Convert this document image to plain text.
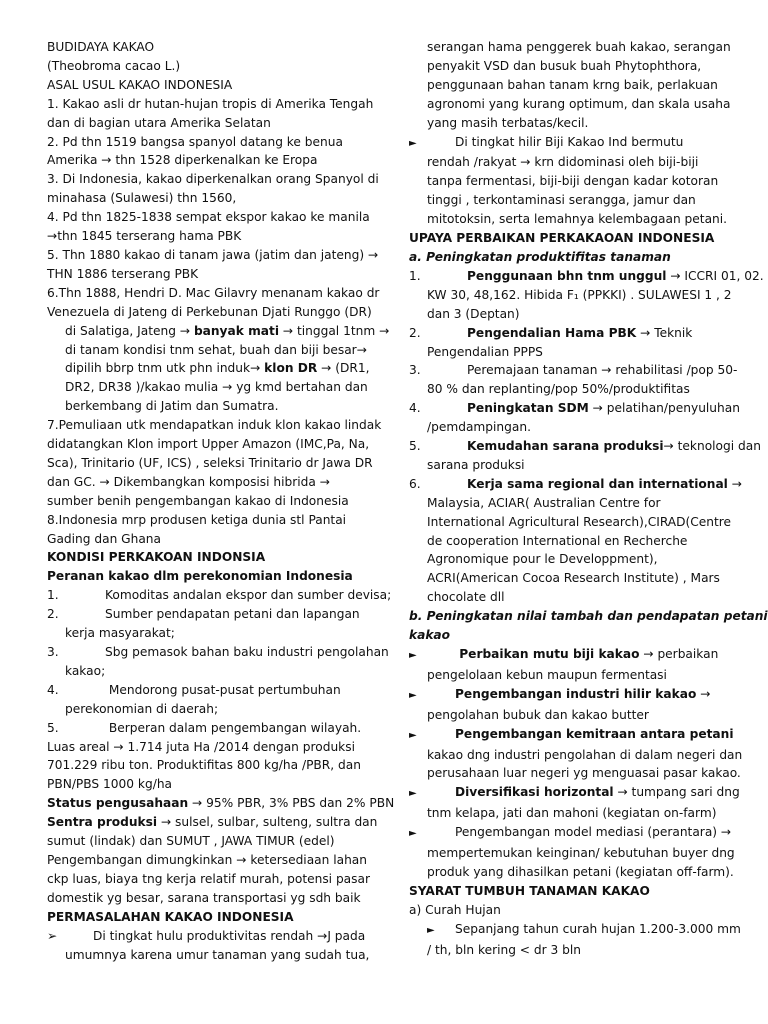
BUDIDAYA KAKAO
(Theobroma cacao L.)
ASAL USUL KAKAO INDONESIA
1. Kakao asli dr hutan-hujan tropis di Amerika Tengah
dan di bagian utara Amerika Selatan
2. Pd thn 1519 bangsa spanyol datang ke benua
Amerika → thn 1528 diperkenalkan ke Eropa
3. Di Indonesia, kakao diperkenalkan orang Spanyol di
minahasa (Sulawesi) thn 1560,
4. Pd thn 1825-1838 sempat ekspor kakao ke manila
→thn 1845 terserang hama PBK
5. Thn 1880 kakao di tanam jawa (jatim dan jateng) →
THN 1886 terserang PBK
6.Thn 1888, Hendri D. Mac Gilavry menanam kakao dr
Venezuela di Jateng di Perkebunan Djati Runggo (DR)
di Salatiga, Jateng → banyak mati → tinggal 1tnm →
di tanam kondisi tnm sehat, buah dan biji besar→
dipilih bbrp tnm utk phn induk→ klon DR → (DR1,
DR2, DR38 )/kakao mulia → yg kmd bertahan dan
berkembang di Jatim dan Sumatra.
7.Pemuliaan utk mendapatkan induk klon kakao lindak
didatangkan Klon import Upper Amazon (IMC,Pa, Na,
Sca), Trinitario (UF, ICS) , seleksi Trinitario dr Jawa DR
dan GC. → Dikembangkan komposisi hibrida →
sumber benih pengembangan kakao di Indonesia
8.Indonesia mrp produsen ketiga dunia stl Pantai
Gading dan Ghana
KONDISI PERKAKOAN INDONSIA
Peranan kakao dlm perekonomian Indonesia
1.	Komoditas andalan ekspor dan sumber devisa;
2.	Sumber pendapatan petani dan lapangan
kerja masyarakat;
3.	Sbg pemasok bahan baku industri pengolahan
kakao;
4.	Mendorong pusat-pusat pertumbuhan
perekonomian di daerah;
5.	Berperan dalam pengembangan wilayah.
Luas areal → 1.714 juta Ha /2014 dengan produksi
701.229 ribu ton. Produktifitas 800 kg/ha /PBR, dan
PBN/PBS 1000 kg/ha
Status pengusahaan → 95% PBR, 3% PBS dan 2% PBN
Sentra produksi → sulsel, sulbar, sulteng, sultra dan
sumut (lindak) dan SUMUT , JAWA TIMUR (edel)
Pengembangan dimungkinkan → ketersediaan lahan
ckp luas, biaya tng kerja relatif murah, potensi pasar
domestik yg besar, sarana transportasi yg sdh baik
PERMASALAHAN KAKAO INDONESIA
➢	Di tingkat hulu produktivitas rendah →J pada
umumnya karena umur tanaman yang sudah tua,
serangan hama penggerek buah kakao, serangan
penyakit VSD dan busuk buah Phytophthora,
penggunaan bahan tanam krng baik, perlakuan
agronomi yang kurang optimum, dan skala usaha
yang masih terbatas/kecil.
►	Di tingkat hilir Biji Kakao Ind bermutu
rendah /rakyat → krn didominasi oleh biji-biji
tanpa fermentasi, biji-biji dengan kadar kotoran
tinggi , terkontaminasi serangga, jamur dan
mitotoksin, serta lemahnya kelembagaan petani.
UPAYA PERBAIKAN PERKAKAOAN INDONESIA
a. Peningkatan produktifitas tanaman
1.	Penggunaan bhn tnm unggul → ICCRI 01, 02.
KW 30, 48,162. Hibida F₁ (PPKKI) . SULAWESI 1 , 2
dan 3 (Deptan)
2.	Pengendalian Hama PBK → Teknik
Pengendalian PPPS
3.	Peremajaan tanaman → rehabilitasi /pop 50-
80 % dan replanting/pop 50%/produktifitas
4.	Peningkatan SDM → pelatihan/penyuluhan
/pemdampingan.
5.	Kemudahan sarana produksi→ teknologi dan
sarana produksi
6.	Kerja sama regional dan international →
Malaysia, ACIAR( Australian Centre for
International Agricultural Research),CIRAD(Centre
de cooperation International en Recherche
Agronomique pour le Developpment),
ACRI(American Cocoa Research Institute) , Mars
chocolate dll
b. Peningkatan nilai tambah dan pendapatan petani
kakao
►	Perbaikan mutu biji kakao → perbaikan
pengelolaan kebun maupun fermentasi
►	Pengembangan industri hilir kakao →
pengolahan bubuk dan kakao butter
►	Pengembangan kemitraan antara petani
kakao dng industri pengolahan di dalam negeri dan
perusahaan luar negeri yg menguasai pasar kakao.
►	Diversifikasi horizontal → tumpang sari dng
tnm kelapa, jati dan mahoni (kegiatan on-farm)
►	Pengembangan model mediasi (perantara) →
mempertemukan keinginan/ kebutuhan buyer dng
produk yang dihasilkan petani (kegiatan off-farm).
SYARAT TUMBUH TANAMAN KAKAO
a) Curah Hujan
► Sepanjang tahun curah hujan 1.200-3.000 mm
/ th, bln kering < dr 3 bln
